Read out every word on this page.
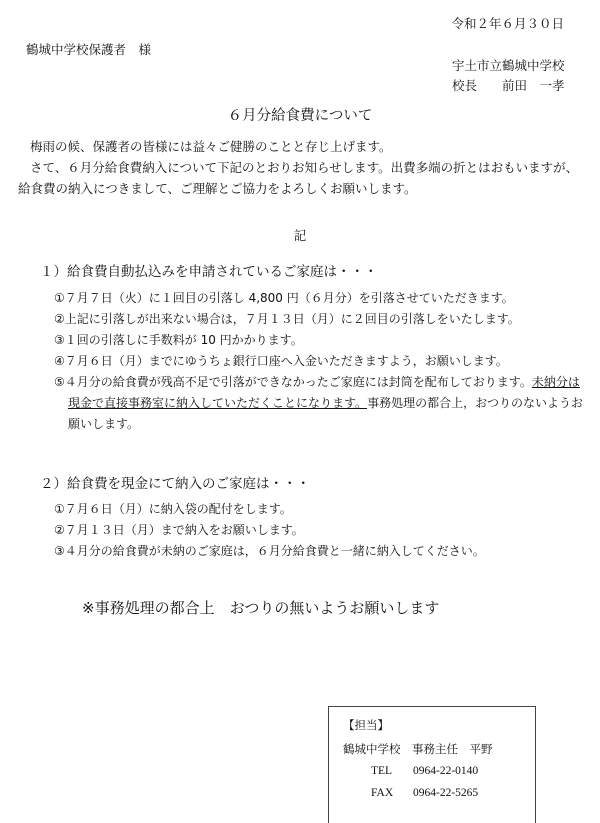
令和２年６月３０日
鶴城中学校保護者　様
宇土市立鶴城中学校
校長　　前田　一孝
６月分給食費について
梅雨の候、保護者の皆様には益々ご健勝のことと存じ上げます。
さて、６月分給食費納入について下記のとおりお知らせします。出費多端の折とはおもいますが、給食費の納入につきまして、ご理解とご協力をよろしくお願いします。
記
１）給食費自動払込みを申請されているご家庭は・・・
①７月７日（火）に１回目の引落し 4,800 円（６月分）を引落させていただきます。
②上記に引落しが出来ない場合は，７月１３日（月）に２回目の引落しをいたします。
③１回の引落しに手数料が 10 円かかります。
④７月６日（月）までにゆうちょ銀行口座へ入金いただきますよう，お願いします。
⑤４月分の給食費が残高不足で引落ができなかったご家庭には封筒を配布しております。未納分は現金で直接事務室に納入していただくことになります。事務処理の都合上，おつりのないようお願いします。
２）給食費を現金にて納入のご家庭は・・・
①７月６日（月）に納入袋の配付をします。
②７月１３日（月）まで納入をお願いします。
③４月分の給食費が未納のご家庭は，６月分給食費と一緒に納入してください。
※事務処理の都合上　おつりの無いようお願いします
【担当】
鶴城中学校　事務主任　平野
TEL 0964-22-0140
FAX 0964-22-5265
